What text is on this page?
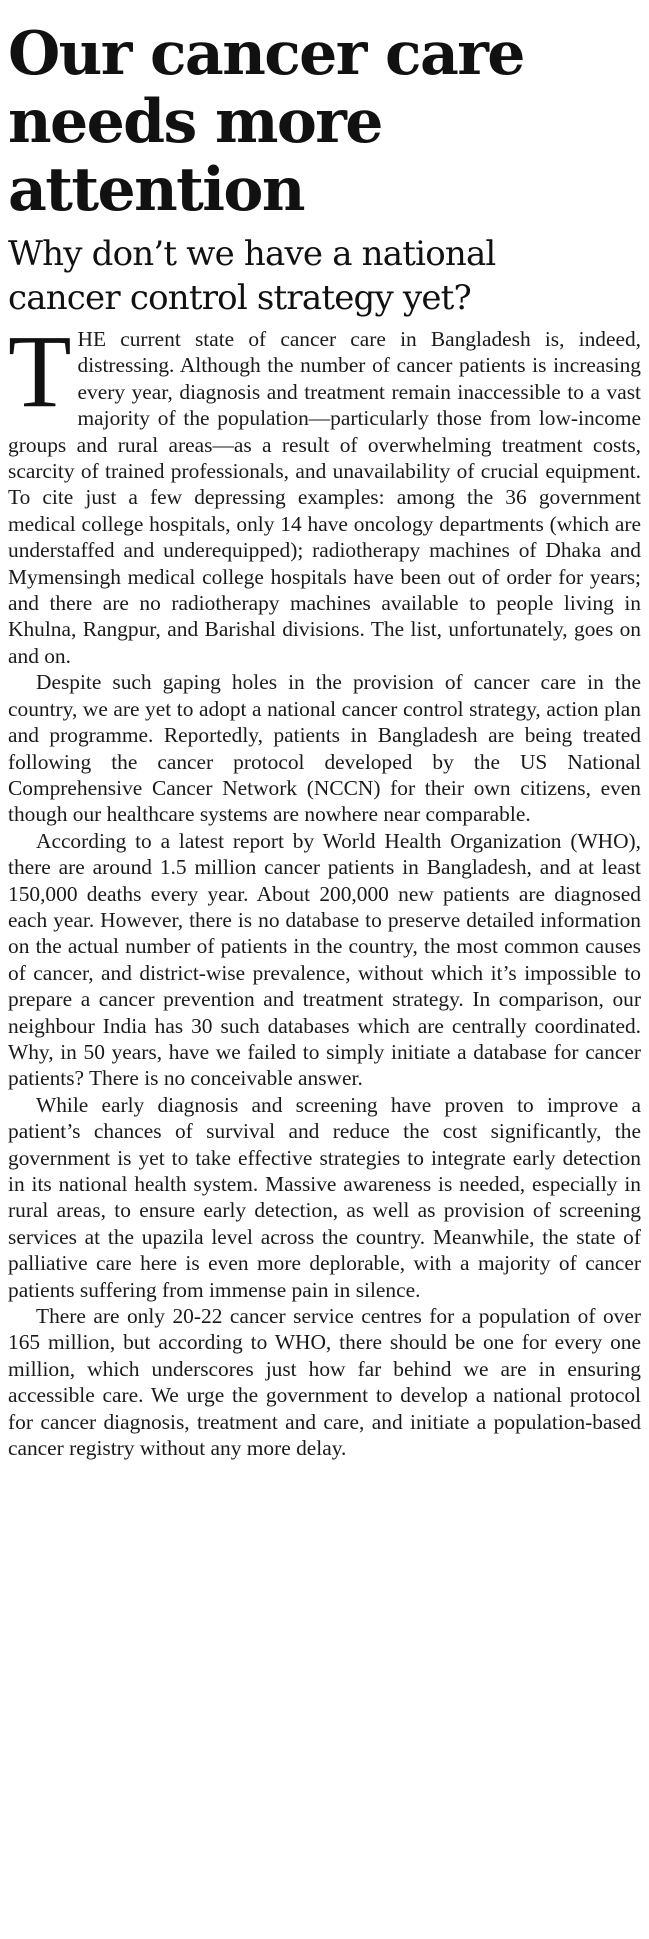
Our cancer care
needs more
attention
Why don’t we have a national
cancer control strategy yet?

T HE current state of cancer care in Bangladesh is, indeed, distressing. Although the number of cancer patients is increasing every year, diagnosis and treatment remain inaccessible to a vast majority of the population—particularly those from low-income groups and rural areas—as a result of overwhelming treatment costs, scarcity of trained professionals, and unavailability of crucial equipment. To cite just a few depressing examples: among the 36 government medical college hospitals, only 14 have oncology departments (which are understaffed and underequipped); radiotherapy machines of Dhaka and Mymensingh medical college hospitals have been out of order for years; and there are no radiotherapy machines available to people living in Khulna, Rangpur, and Barishal divisions. The list, unfortunately, goes on and on.

Despite such gaping holes in the provision of cancer care in the country, we are yet to adopt a national cancer control strategy, action plan and programme. Reportedly, patients in Bangladesh are being treated following the cancer protocol developed by the US National Comprehensive Cancer Network (NCCN) for their own citizens, even though our healthcare systems are nowhere near comparable.

According to a latest report by World Health Organization (WHO), there are around 1.5 million cancer patients in Bangladesh, and at least 150,000 deaths every year. About 200,000 new patients are diagnosed each year. However, there is no database to preserve detailed information on the actual number of patients in the country, the most common causes of cancer, and district-wise prevalence, without which it’s impossible to prepare a cancer prevention and treatment strategy. In comparison, our neighbour India has 30 such databases which are centrally coordinated. Why, in 50 years, have we failed to simply initiate a database for cancer patients? There is no conceivable answer.

While early diagnosis and screening have proven to improve a patient’s chances of survival and reduce the cost significantly, the government is yet to take effective strategies to integrate early detection in its national health system. Massive awareness is needed, especially in rural areas, to ensure early detection, as well as provision of screening services at the upazila level across the country. Meanwhile, the state of palliative care here is even more deplorable, with a majority of cancer patients suffering from immense pain in silence.

There are only 20-22 cancer service centres for a population of over 165 million, but according to WHO, there should be one for every one million, which underscores just how far behind we are in ensuring accessible care. We urge the government to develop a national protocol for cancer diagnosis, treatment and care, and initiate a population-based cancer registry without any more delay.
